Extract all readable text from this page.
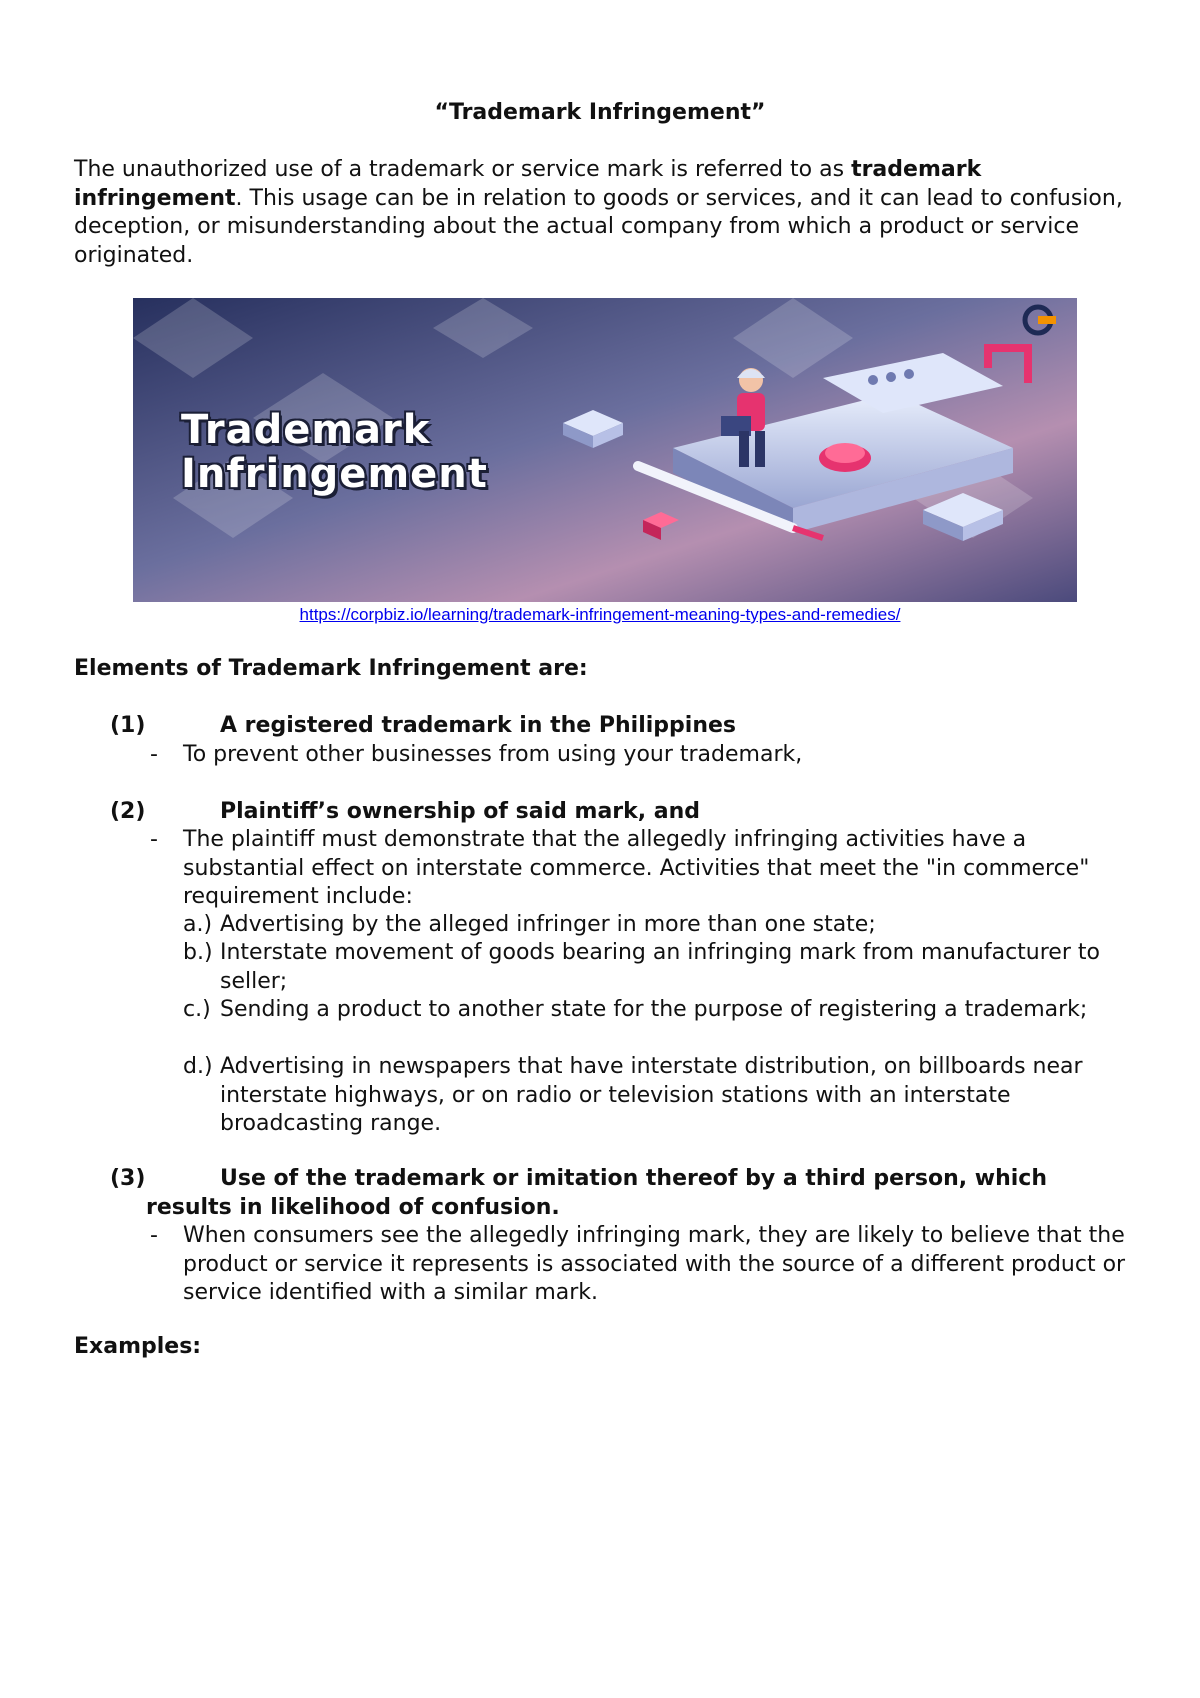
“Trademark Infringement”
The unauthorized use of a trademark or service mark is referred to as trademark infringement. This usage can be in relation to goods or services, and it can lead to confusion, deception, or misunderstanding about the actual company from which a product or service originated.
Trademark
Infringement
https://corpbiz.io/learning/trademark-infringement-meaning-types-and-remedies/
Elements of Trademark Infringement are:
(1)	A registered trademark in the Philippines
- To prevent other businesses from using your trademark,
(2)	Plaintiff’s ownership of said mark, and
- The plaintiff must demonstrate that the allegedly infringing activities have a substantial effect on interstate commerce. Activities that meet the "in commerce" requirement include:
a.) Advertising by the alleged infringer in more than one state;
b.) Interstate movement of goods bearing an infringing mark from manufacturer to seller;
c.) Sending a product to another state for the purpose of registering a trademark;
d.) Advertising in newspapers that have interstate distribution, on billboards near interstate highways, or on radio or television stations with an interstate broadcasting range.
(3)	Use of the trademark or imitation thereof by a third person, which
results in likelihood of confusion.
- When consumers see the allegedly infringing mark, they are likely to believe that the product or service it represents is associated with the source of a different product or service identified with a similar mark.
Examples:
